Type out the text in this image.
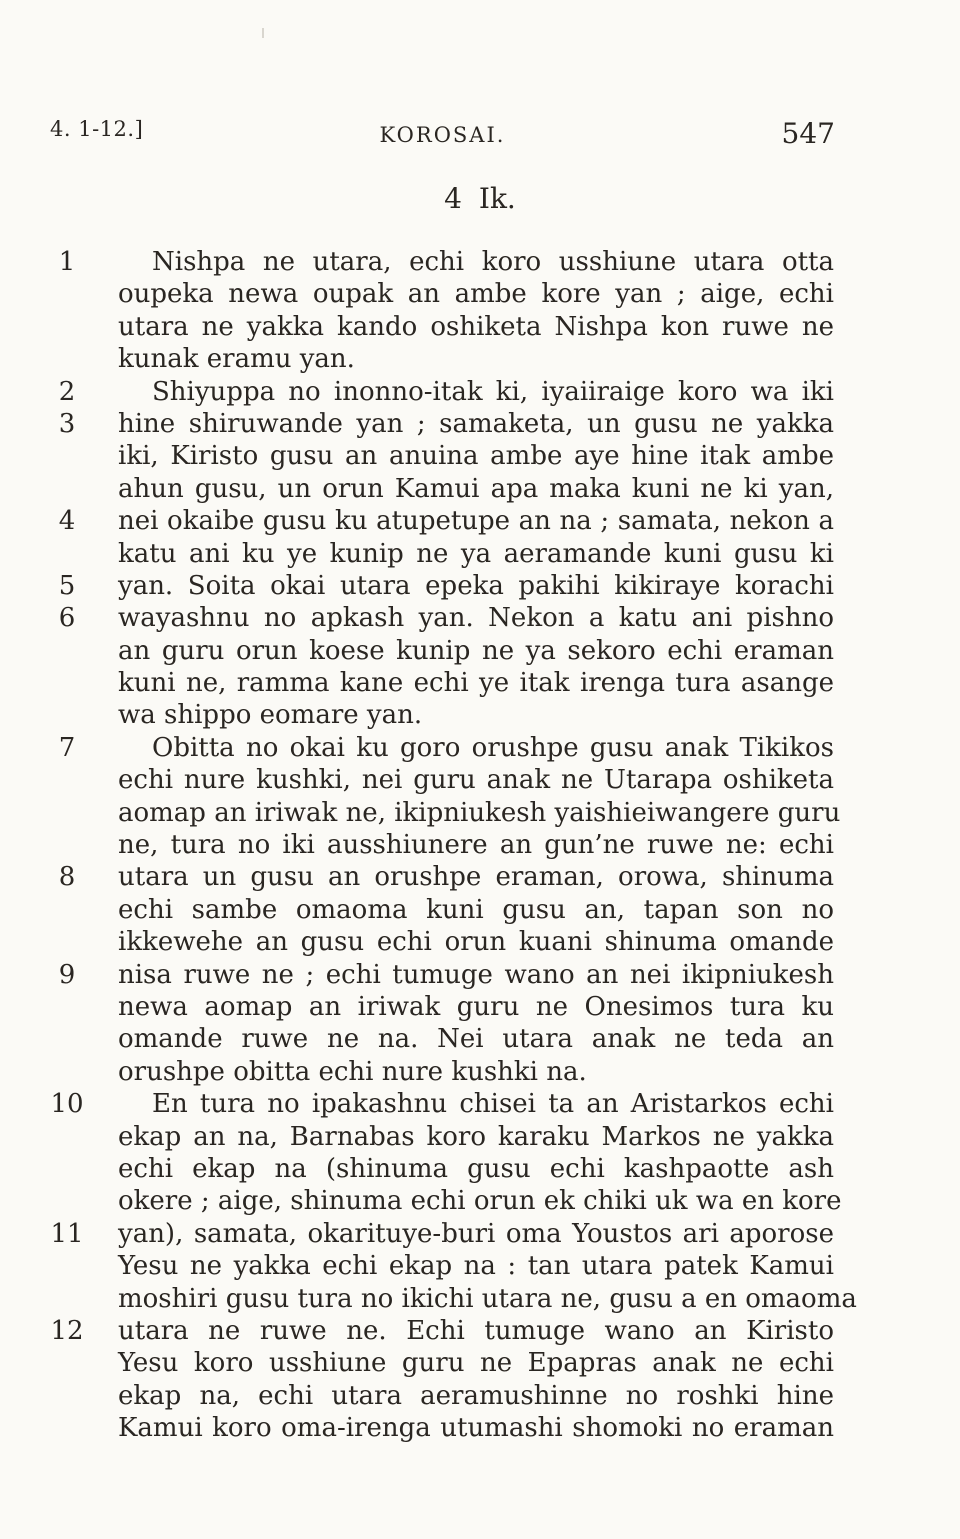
4. 1-12.]	KOROSAI.	547
4 Ik.
1	Nishpa ne utara, echi koro usshiune utara otta
oupeka newa oupak an ambe kore yan ; aige, echi
utara ne yakka kando oshiketa Nishpa kon ruwe ne
kunak eramu yan.
2	Shiyuppa no inonno-itak ki, iyaiiraige koro wa iki
3	hine shiruwande yan ; samaketa, un gusu ne yakka
iki, Kiristo gusu an anuina ambe aye hine itak ambe
ahun gusu, un orun Kamui apa maka kuni ne ki yan,
4	nei okaibe gusu ku atupetupe an na ; samata, nekon a
katu ani ku ye kunip ne ya aeramande kuni gusu ki
5	yan. Soita okai utara epeka pakihi kikiraye korachi
6	wayashnu no apkash yan. Nekon a katu ani pishno
an guru orun koese kunip ne ya sekoro echi eraman
kuni ne, ramma kane echi ye itak irenga tura asange
wa shippo eomare yan.
7	Obitta no okai ku goro orushpe gusu anak Tikikos
echi nure kushki, nei guru anak ne Utarapa oshiketa
aomap an iriwak ne, ikipniukesh yaishieiwangere guru
ne, tura no iki ausshiunere an gun’ne ruwe ne: echi
8	utara un gusu an orushpe eraman, orowa, shinuma
echi sambe omaoma kuni gusu an, tapan son no
ikkewehe an gusu echi orun kuani shinuma omande
9	nisa ruwe ne ; echi tumuge wano an nei ikipniukesh
newa aomap an iriwak guru ne Onesimos tura ku
omande ruwe ne na. Nei utara anak ne teda an
orushpe obitta echi nure kushki na.
10	En tura no ipakashnu chisei ta an Aristarkos echi
ekap an na, Barnabas koro karaku Markos ne yakka
echi ekap na (shinuma gusu echi kashpaotte ash
okere ; aige, shinuma echi orun ek chiki uk wa en kore
11 yan), samata, okarituye-buri oma Youstos ari aporose
Yesu ne yakka echi ekap na : tan utara patek Kamui
moshiri gusu tura no ikichi utara ne, gusu a en omaoma
12 utara ne ruwe ne. Echi tumuge wano an Kiristo
Yesu koro usshiune guru ne Epapras anak ne echi
ekap na, echi utara aeramushinne no roshki hine
Kamui koro oma-irenga utumashi shomoki no eraman
